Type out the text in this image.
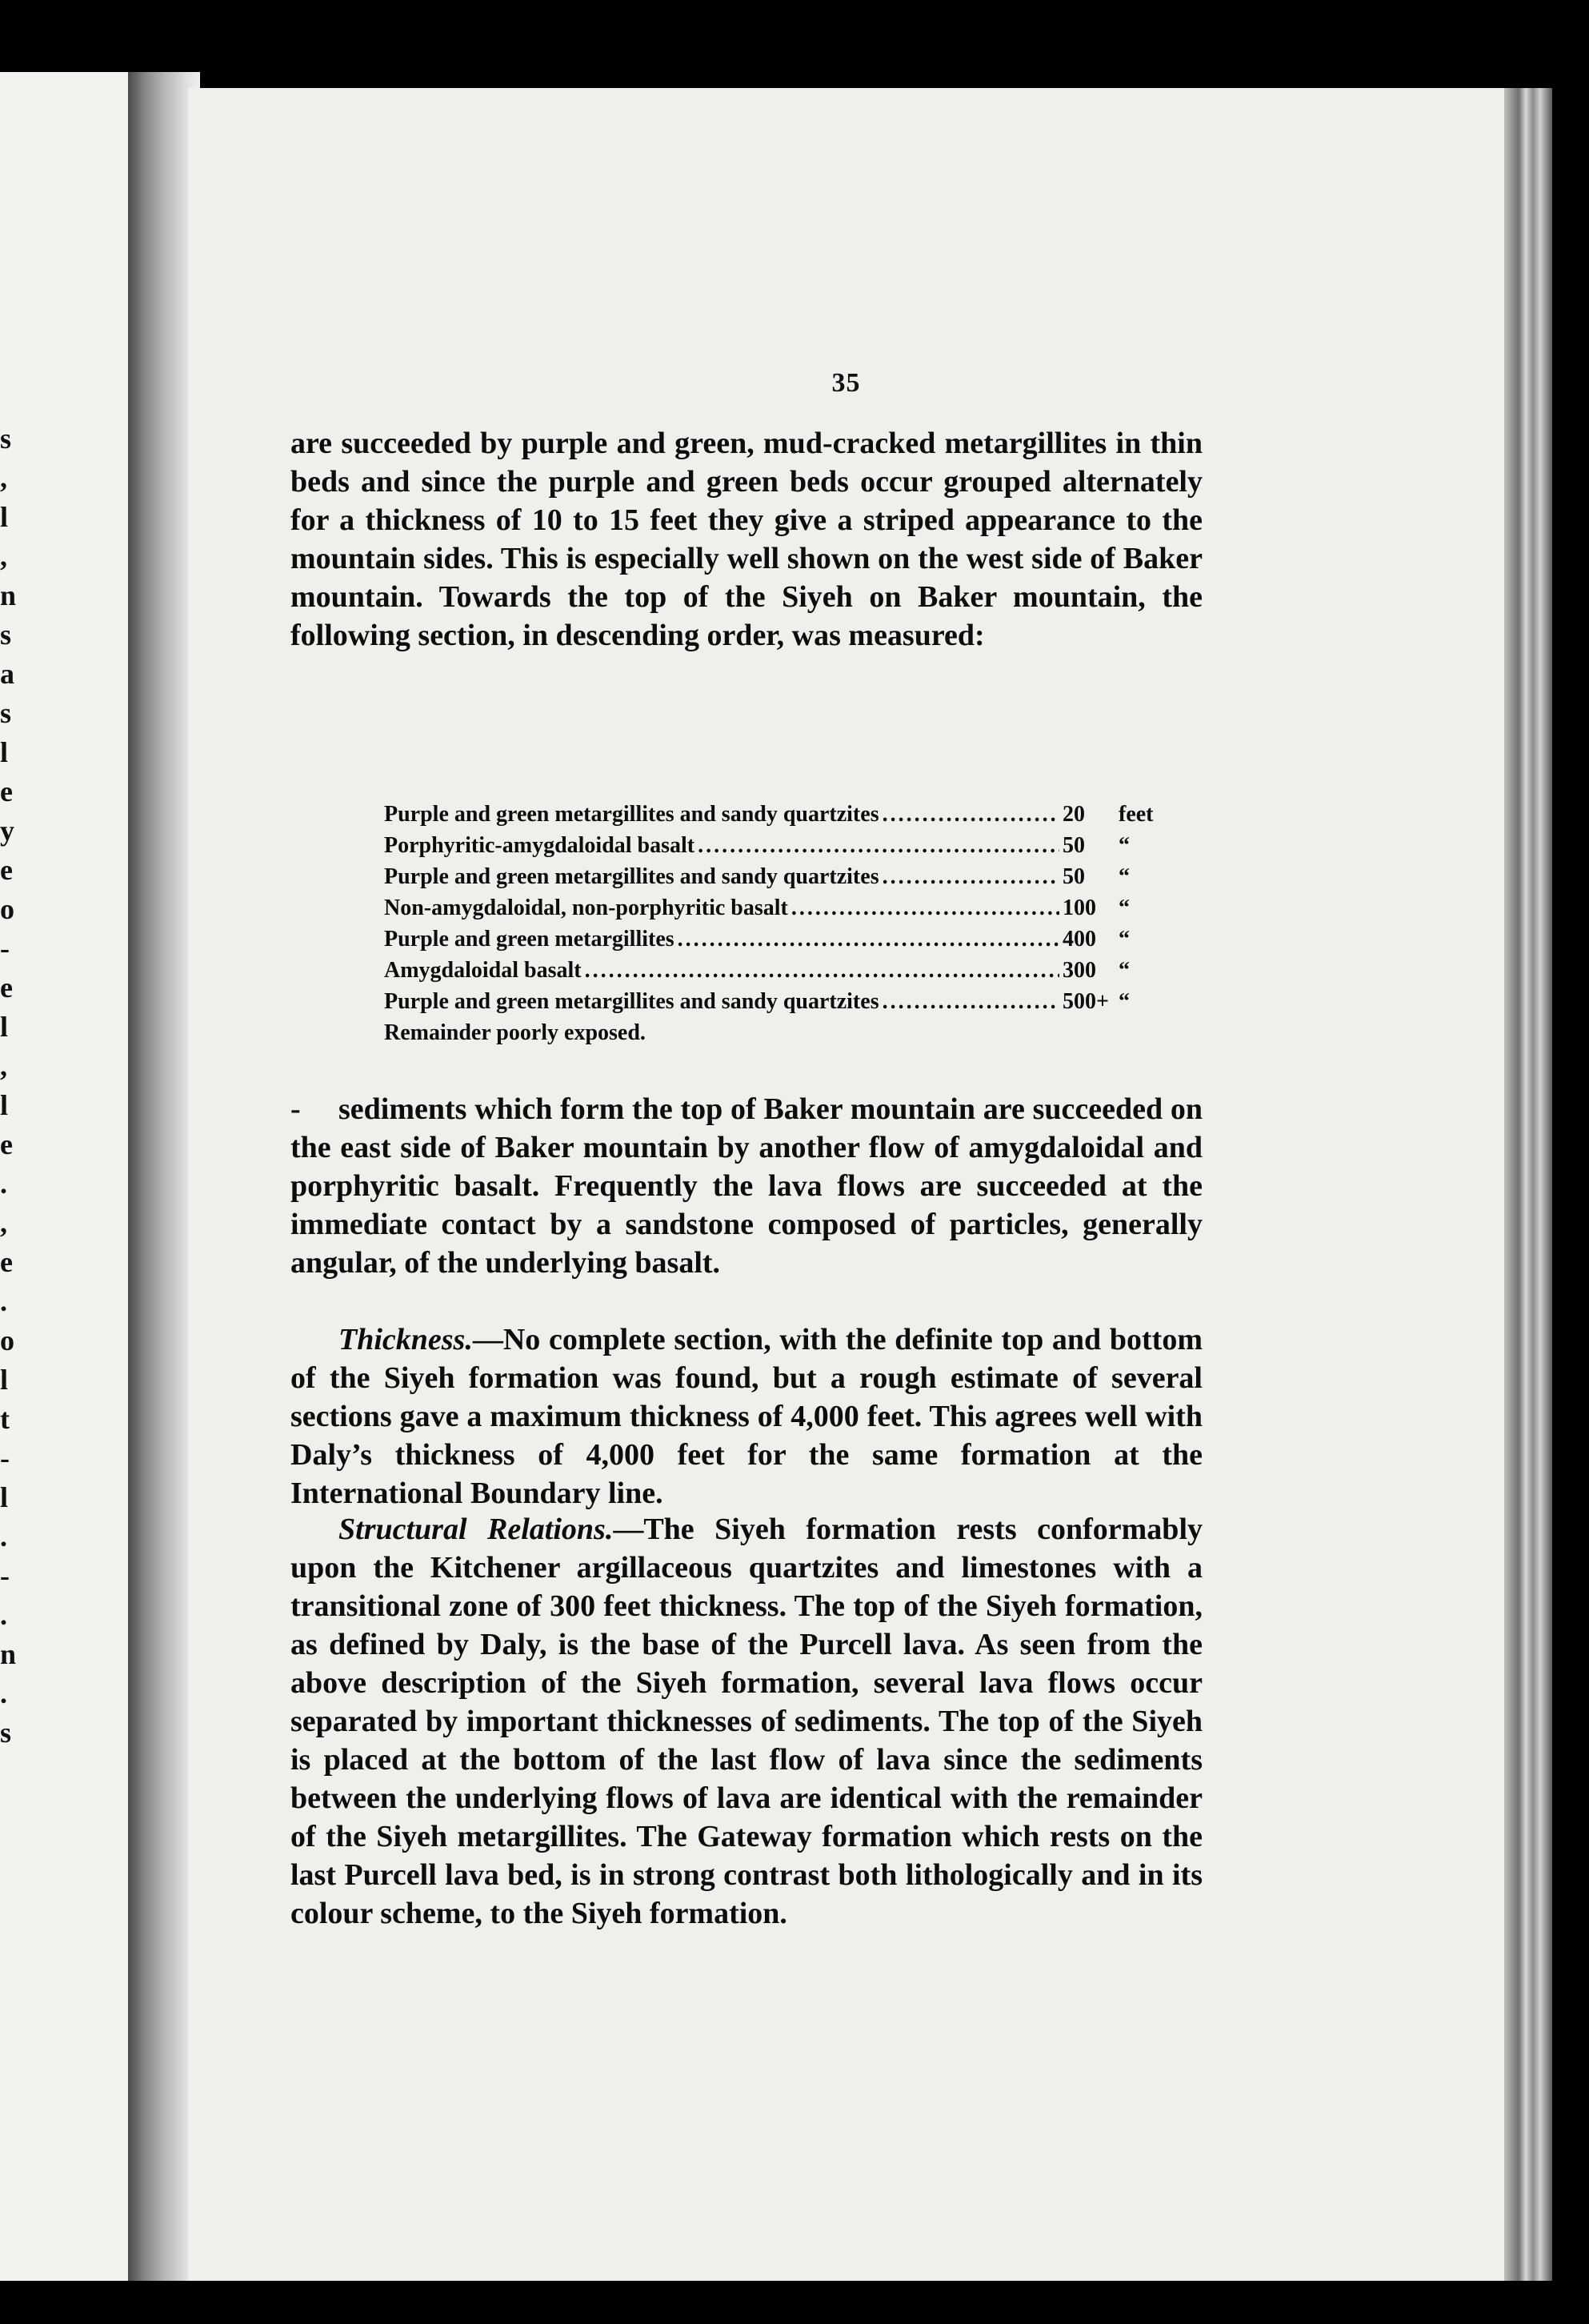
s
,
l
,
n
s
a
s
l
e
y
e
o
-
e
l
,
l
e
.
,
e
.
o
l
t
-
l
.
-
.
n
.
s
35

are succeeded by purple and green, mud-cracked metargillites in thin beds and since the purple and green beds occur grouped alternately for a thickness of 10 to 15 feet they give a striped appearance to the mountain sides. This is especially well shown on the west side of Baker mountain. Towards the top of the Siyeh on Baker mountain, the following section, in descending order, was measured:

Purple and green metargillites and sandy quartzites . . .	20	feet
Porphyritic-amygdaloidal basalt . . .	50	“
Purple and green metargillites and sandy quartzites . . .	50	“
Non-amygdaloidal, non-porphyritic basalt . . .	100	“
Purple and green metargillites . . .	400	“
Amygdaloidal basalt . . .	300	“
Purple and green metargillites and sandy quartzites . . .	500+ “
Remainder poorly exposed.

- sediments which form the top of Baker mountain are succeeded on the east side of Baker mountain by another flow of amygdaloidal and porphyritic basalt. Frequently the lava flows are succeeded at the immediate contact by a sandstone composed of particles, generally angular, of the underlying basalt.

Thickness.—No complete section, with the definite top and bottom of the Siyeh formation was found, but a rough estimate of several sections gave a maximum thickness of 4,000 feet. This agrees well with Daly’s thickness of 4,000 feet for the same formation at the International Boundary line.

Structural Relations.—The Siyeh formation rests conformably upon the Kitchener argillaceous quartzites and limestones with a transitional zone of 300 feet thickness. The top of the Siyeh formation, as defined by Daly, is the base of the Purcell lava. As seen from the above description of the Siyeh formation, several lava flows occur separated by important thicknesses of sediments. The top of the Siyeh is placed at the bottom of the last flow of lava since the sediments between the underlying flows of lava are identical with the remainder of the Siyeh metargillites. The Gateway formation which rests on the last Purcell lava bed, is in strong contrast both lithologically and in its colour scheme, to the Siyeh formation.
